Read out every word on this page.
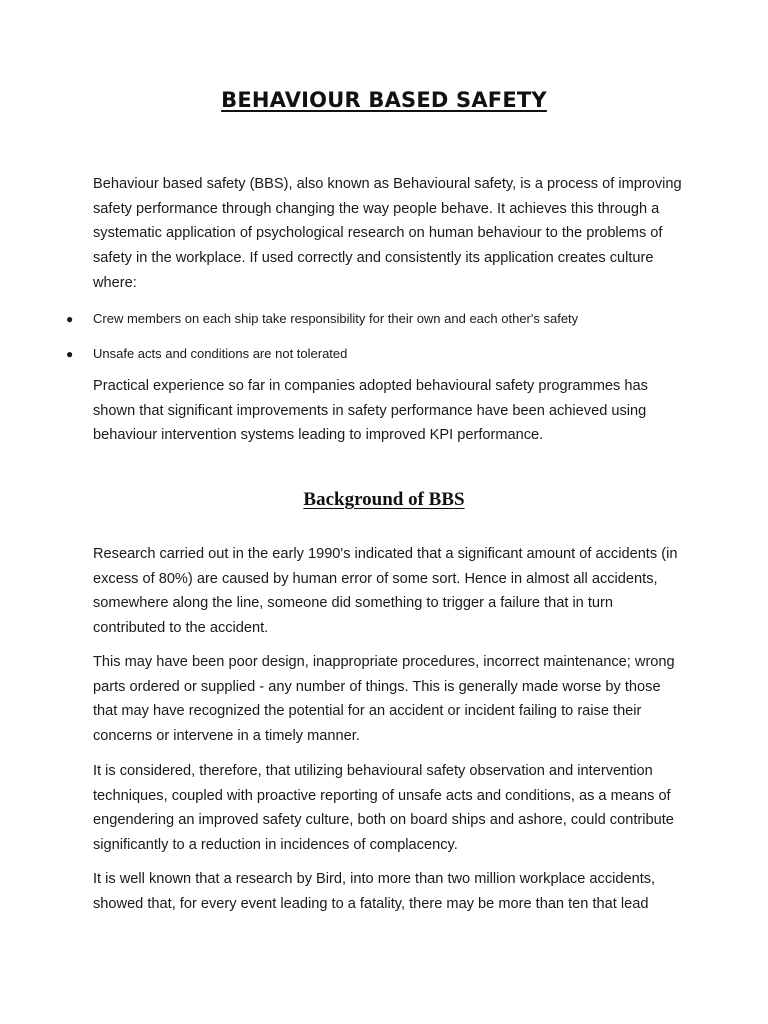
BEHAVIOUR BASED SAFETY

Behaviour based safety (BBS), also known as Behavioural safety, is a process of improving safety performance through changing the way people behave. It achieves this through a systematic application of psychological research on human behaviour to the problems of safety in the workplace. If used correctly and consistently its application creates culture where:

● Crew members on each ship take responsibility for their own and each other's safety
● Unsafe acts and conditions are not tolerated

Practical experience so far in companies adopted behavioural safety programmes has shown that significant improvements in safety performance have been achieved using behaviour intervention systems leading to improved KPI performance.

Background of BBS

Research carried out in the early 1990's indicated that a significant amount of accidents (in excess of 80%) are caused by human error of some sort. Hence in almost all accidents, somewhere along the line, someone did something to trigger a failure that in turn contributed to the accident.

This may have been poor design, inappropriate procedures, incorrect maintenance; wrong parts ordered or supplied - any number of things. This is generally made worse by those that may have recognized the potential for an accident or incident failing to raise their concerns or intervene in a timely manner.

It is considered, therefore, that utilizing behavioural safety observation and intervention techniques, coupled with proactive reporting of unsafe acts and conditions, as a means of engendering an improved safety culture, both on board ships and ashore, could contribute significantly to a reduction in incidences of complacency.

It is well known that a research by Bird, into more than two million workplace accidents, showed that, for every event leading to a fatality, there may be more than ten that lead
